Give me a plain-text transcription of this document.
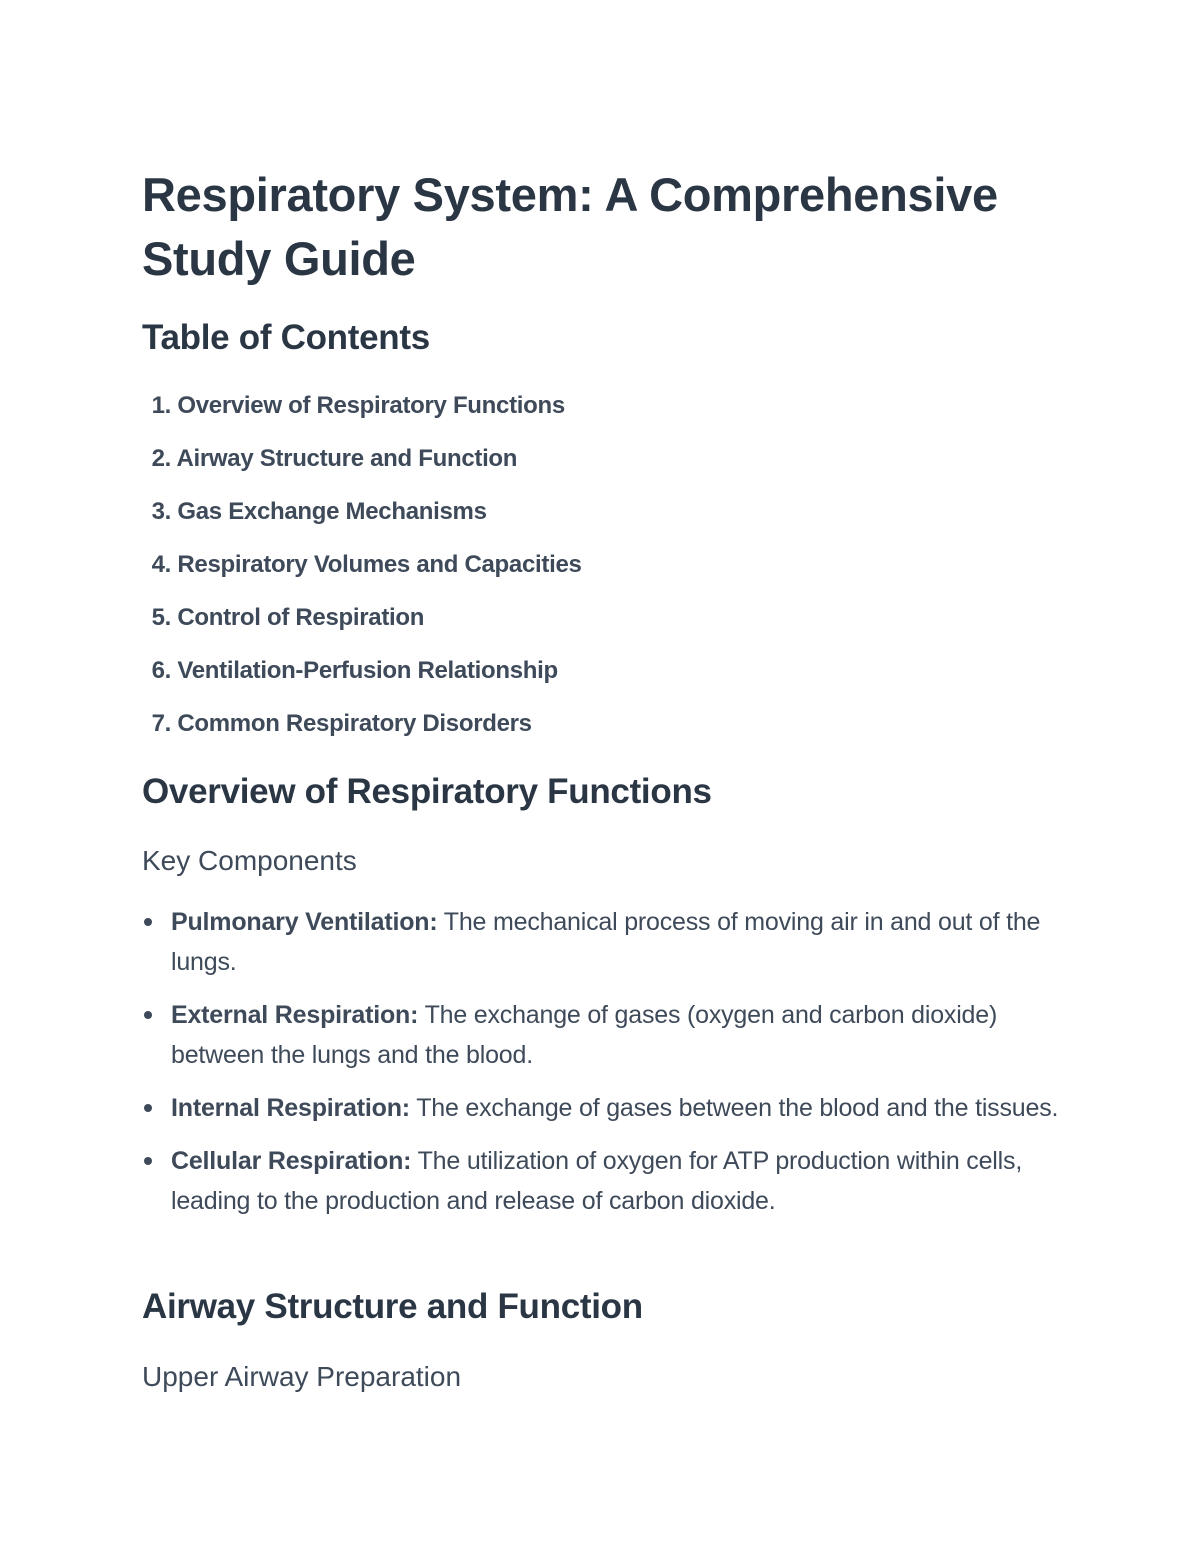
Respiratory System: A Comprehensive Study Guide
Table of Contents
1. Overview of Respiratory Functions
2. Airway Structure and Function
3. Gas Exchange Mechanisms
4. Respiratory Volumes and Capacities
5. Control of Respiration
6. Ventilation-Perfusion Relationship
7. Common Respiratory Disorders
Overview of Respiratory Functions
Key Components
Pulmonary Ventilation: The mechanical process of moving air in and out of the lungs.
External Respiration: The exchange of gases (oxygen and carbon dioxide) between the lungs and the blood.
Internal Respiration: The exchange of gases between the blood and the tissues.
Cellular Respiration: The utilization of oxygen for ATP production within cells, leading to the production and release of carbon dioxide.
Airway Structure and Function
Upper Airway Preparation
